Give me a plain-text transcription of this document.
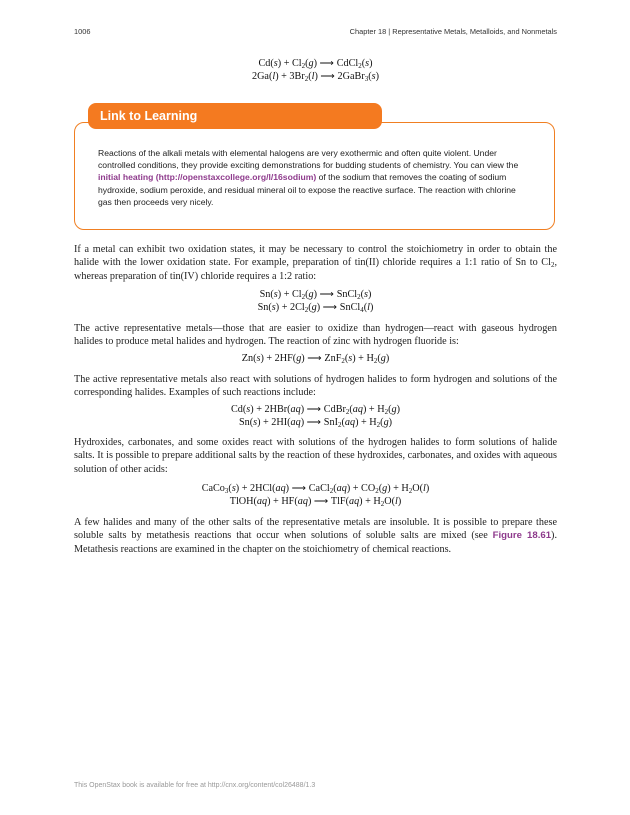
1006	Chapter 18 | Representative Metals, Metalloids, and Nonmetals
$Cd(s) + Cl_2(g)$ ⟶ CdCl$_2$(s)
$2Ga(l) + 3Br_2(l)$ ⟶ 2GaBr$_3$(s)
Link to Learning
Reactions of the alkali metals with elemental halogens are very exothermic and often quite violent. Under controlled conditions, they provide exciting demonstrations for budding students of chemistry. You can view the initial heating (http://openstaxcollege.org/l/16sodium) of the sodium that removes the coating of sodium hydroxide, sodium peroxide, and residual mineral oil to expose the reactive surface. The reaction with chlorine gas then proceeds very nicely.
If a metal can exhibit two oxidation states, it may be necessary to control the stoichiometry in order to obtain the halide with the lower oxidation state. For example, preparation of tin(II) chloride requires a 1:1 ratio of Sn to $Cl_2$, whereas preparation of tin(IV) chloride requires a 1:2 ratio:
$Sn(s) + Cl_2(g)$ ⟶ SnCl$_2$(s)
$Sn(s) + 2Cl_2(g)$ ⟶ SnCl$_4$(l)
The active representative metals—those that are easier to oxidize than hydrogen—react with gaseous hydrogen halides to produce metal halides and hydrogen. The reaction of zinc with hydrogen fluoride is:
Zn(s) + 2HF(g) ⟶ $ZnF_2(s) + H_2(g)$
The active representative metals also react with solutions of hydrogen halides to form hydrogen and solutions of the corresponding halides. Examples of such reactions include:
Cd(s) + 2HBr(aq) ⟶ CdBr$_2$(aq) + $H_2(g)$
Sn(s) + 2HI(aq) ⟶ $SnI_2(aq) + H_2(g)$
Hydroxides, carbonates, and some oxides react with solutions of the hydrogen halides to form solutions of halide salts. It is possible to prepare additional salts by the reaction of these hydroxides, carbonates, and oxides with aqueous solution of other acids:
CaCo$_3$(s) + 2HCl(aq) ⟶ CaCl$_2$(aq) + $CO_2(g) + H_2O(l)$
TlOH(aq) + HF(aq) ⟶ $TlF(aq) + H_2O(l)$
A few halides and many of the other salts of the representative metals are insoluble. It is possible to prepare these soluble salts by metathesis reactions that occur when solutions of soluble salts are mixed (see Figure 18.61). Metathesis reactions are examined in the chapter on the stoichiometry of chemical reactions.
This OpenStax book is available for free at http://cnx.org/content/col26488/1.3
